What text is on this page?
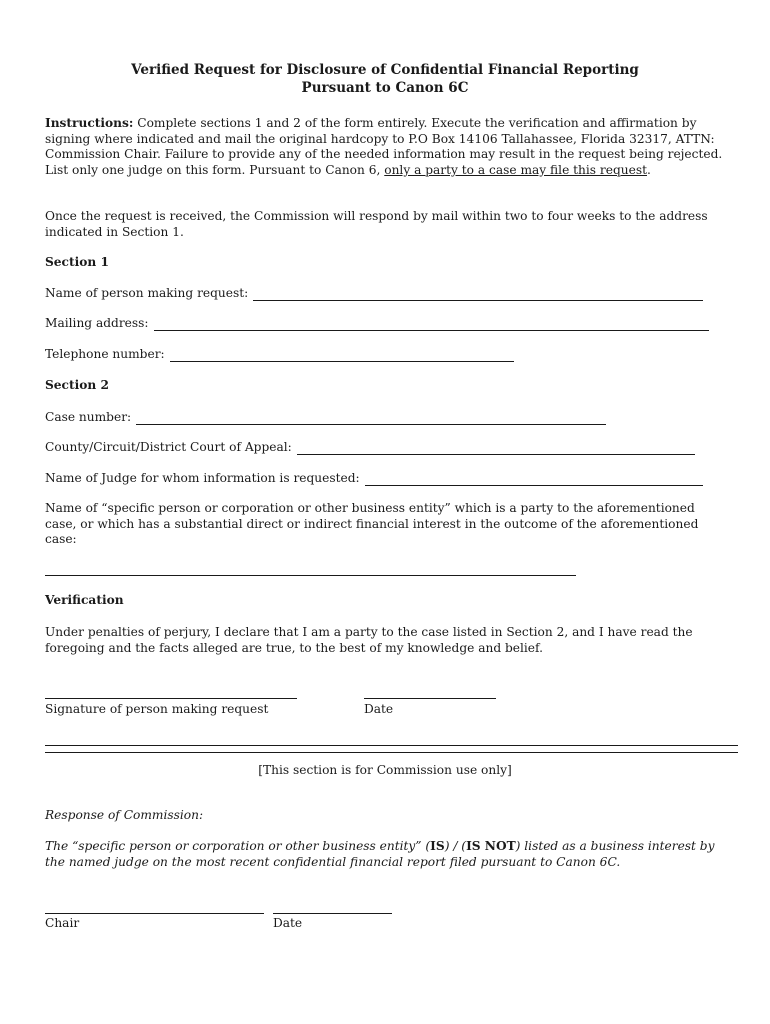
Verified Request for Disclosure of Confidential Financial Reporting
Pursuant to Canon 6C
Instructions: Complete sections 1 and 2 of the form entirely. Execute the verification and affirmation by signing where indicated and mail the original hardcopy to P.O Box 14106 Tallahassee, Florida 32317, ATTN: Commission Chair. Failure to provide any of the needed information may result in the request being rejected. List only one judge on this form. Pursuant to Canon 6, only a party to a case may file this request.
Once the request is received, the Commission will respond by mail within two to four weeks to the address indicated in Section 1.
Section 1
Name of person making request:
Mailing address:
Telephone number:
Section 2
Case number:
County/Circuit/District Court of Appeal:
Name of Judge for whom information is requested:
Name of “specific person or corporation or other business entity” which is a party to the aforementioned case, or which has a substantial direct or indirect financial interest in the outcome of the aforementioned case:
Verification
Under penalties of perjury, I declare that I am a party to the case listed in Section 2, and I have read the foregoing and the facts alleged are true, to the best of my knowledge and belief.
Signature of person making request	Date
[This section is for Commission use only]
Response of Commission:
The “specific person or corporation or other business entity” (IS) / (IS NOT) listed as a business interest by the named judge on the most recent confidential financial report filed pursuant to Canon 6C.
Chair	Date
